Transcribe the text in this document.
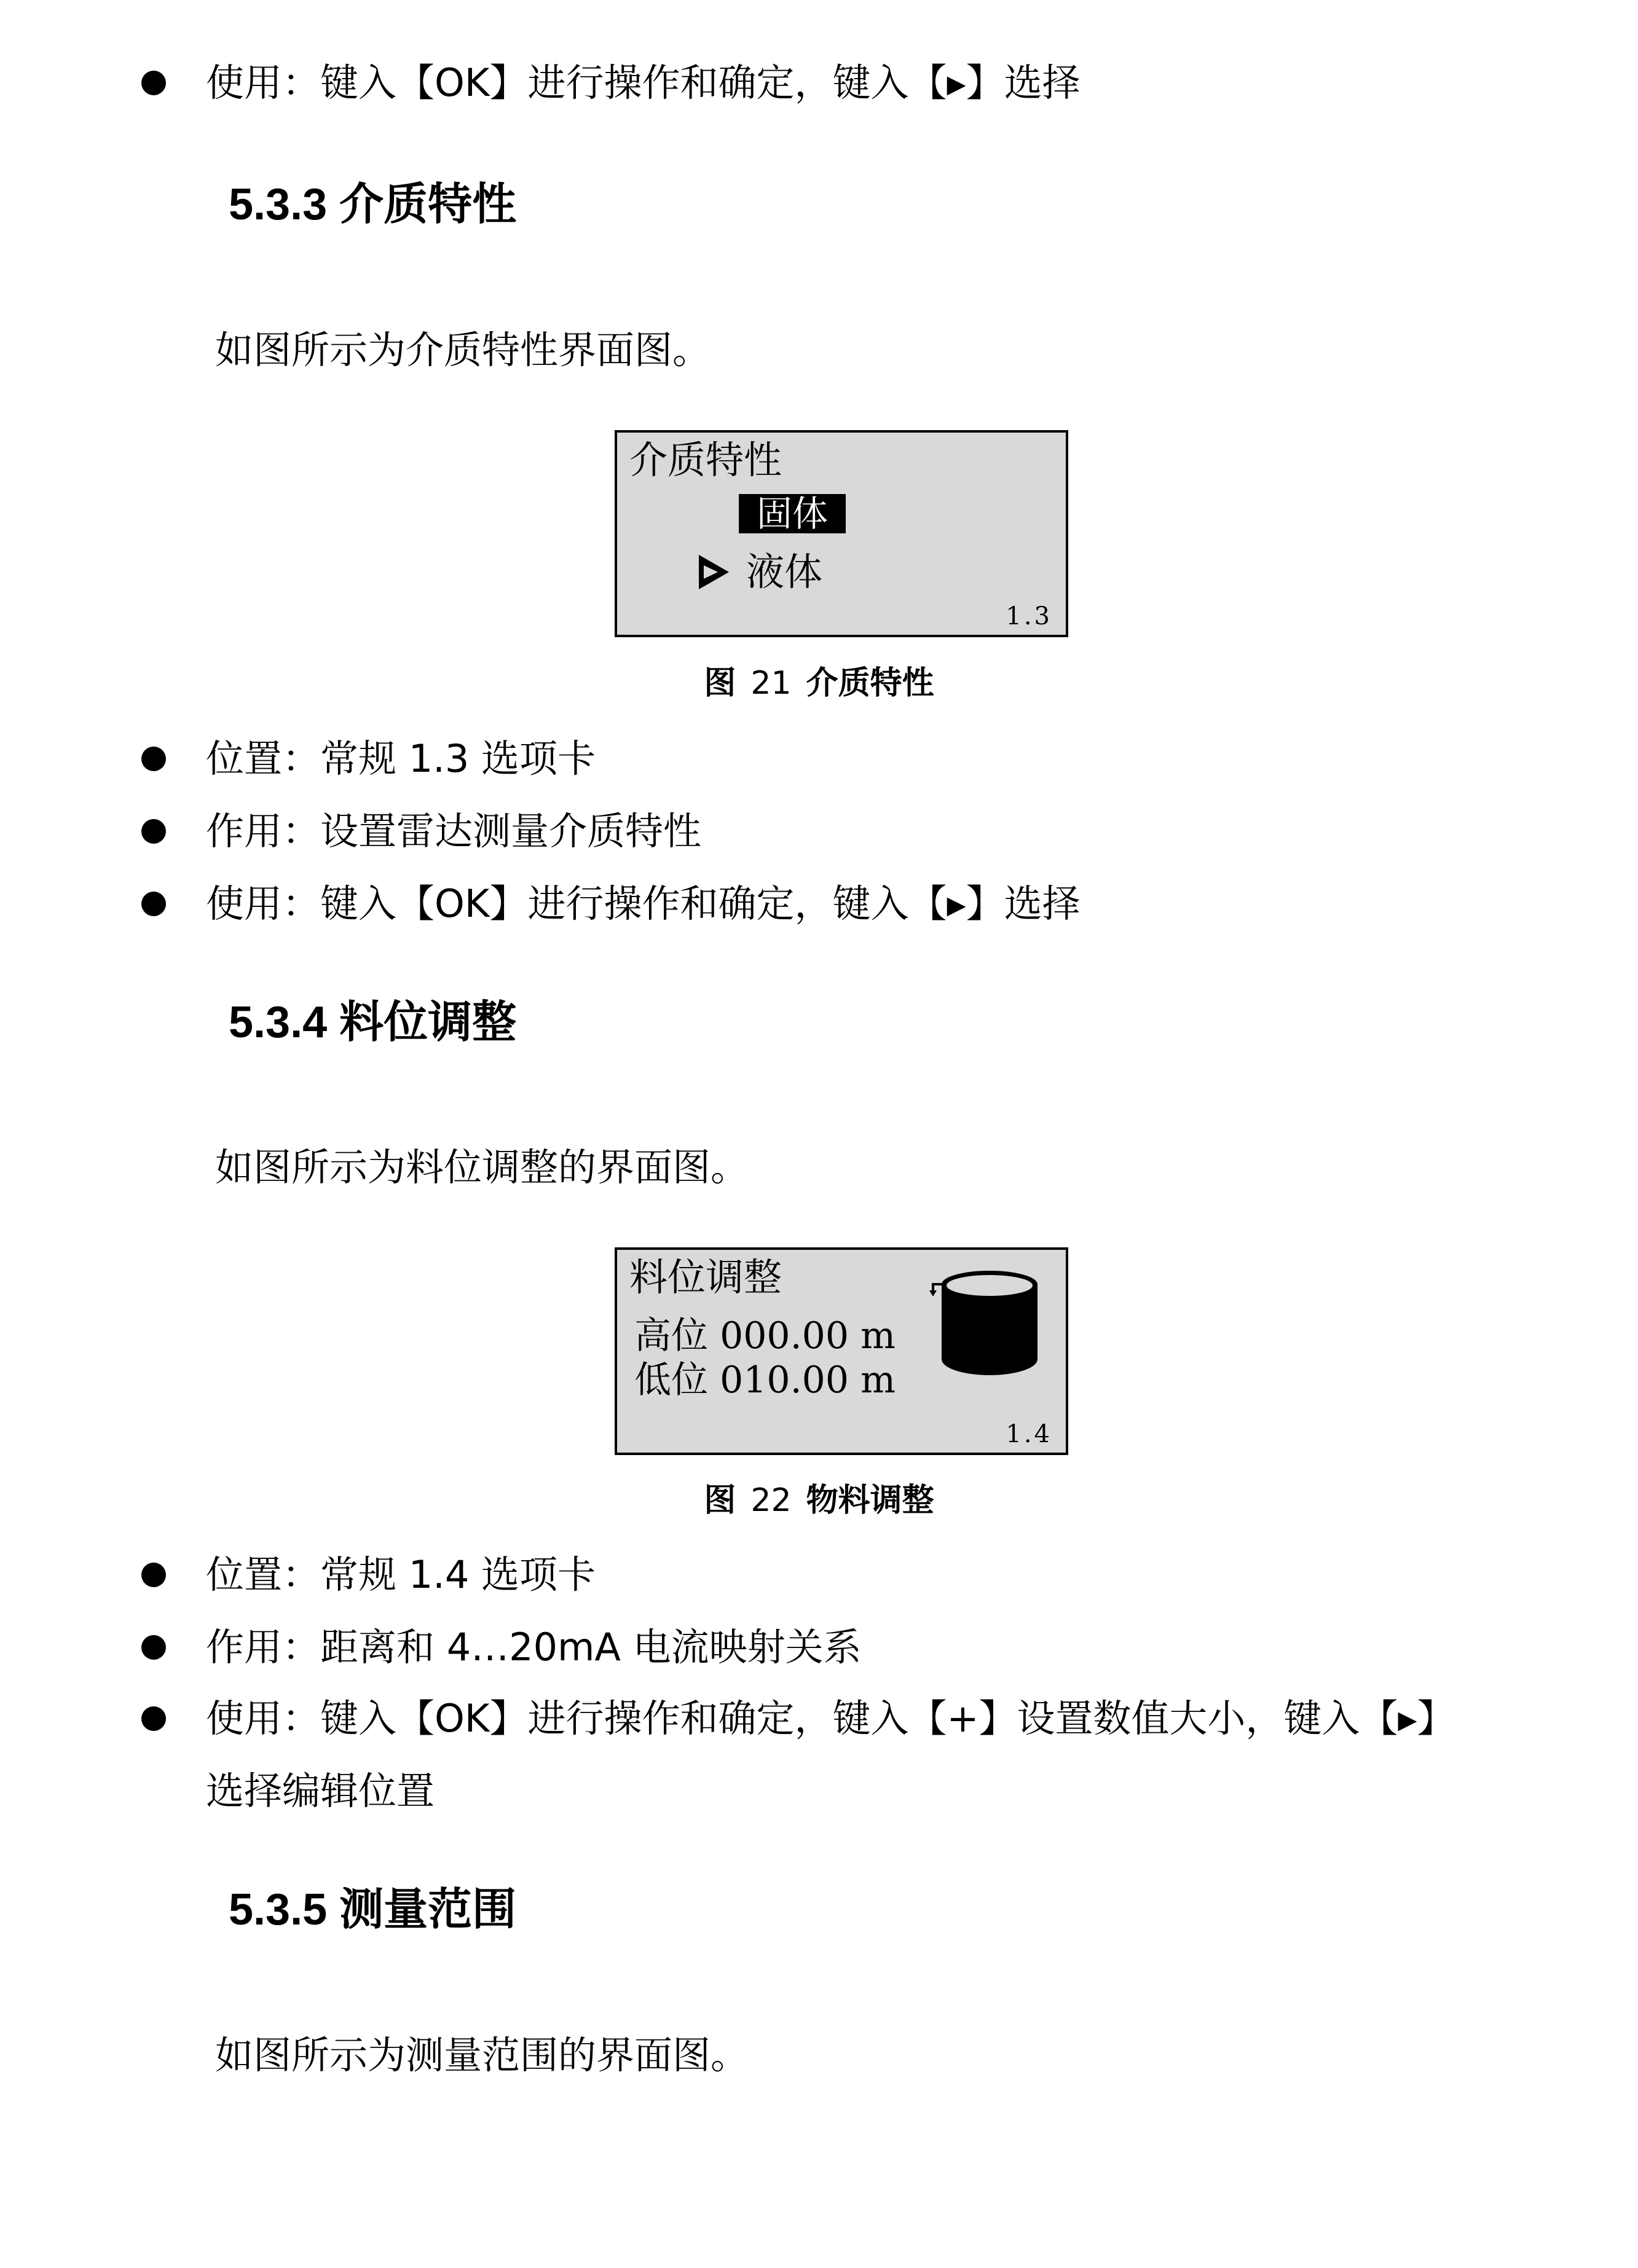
使用：键入【OK】进行操作和确定，键入【▸】选择
5.3.3 介质特性
如图所示为介质特性界面图。
介质特性
固体
液体
1.3
图 21 介质特性
位置：常规 1.3 选项卡
作用：设置雷达测量介质特性
使用：键入【OK】进行操作和确定，键入【▸】选择
5.3.4 料位调整
如图所示为料位调整的界面图。
料位调整
高位 000.00 m
低位 010.00 m
1.4
图 22 物料调整
位置：常规 1.4 选项卡
作用：距离和 4…20mA 电流映射关系
使用：键入【OK】进行操作和确定，键入【+】设置数值大小，键入【▸】
选择编辑位置
5.3.5 测量范围
如图所示为测量范围的界面图。
